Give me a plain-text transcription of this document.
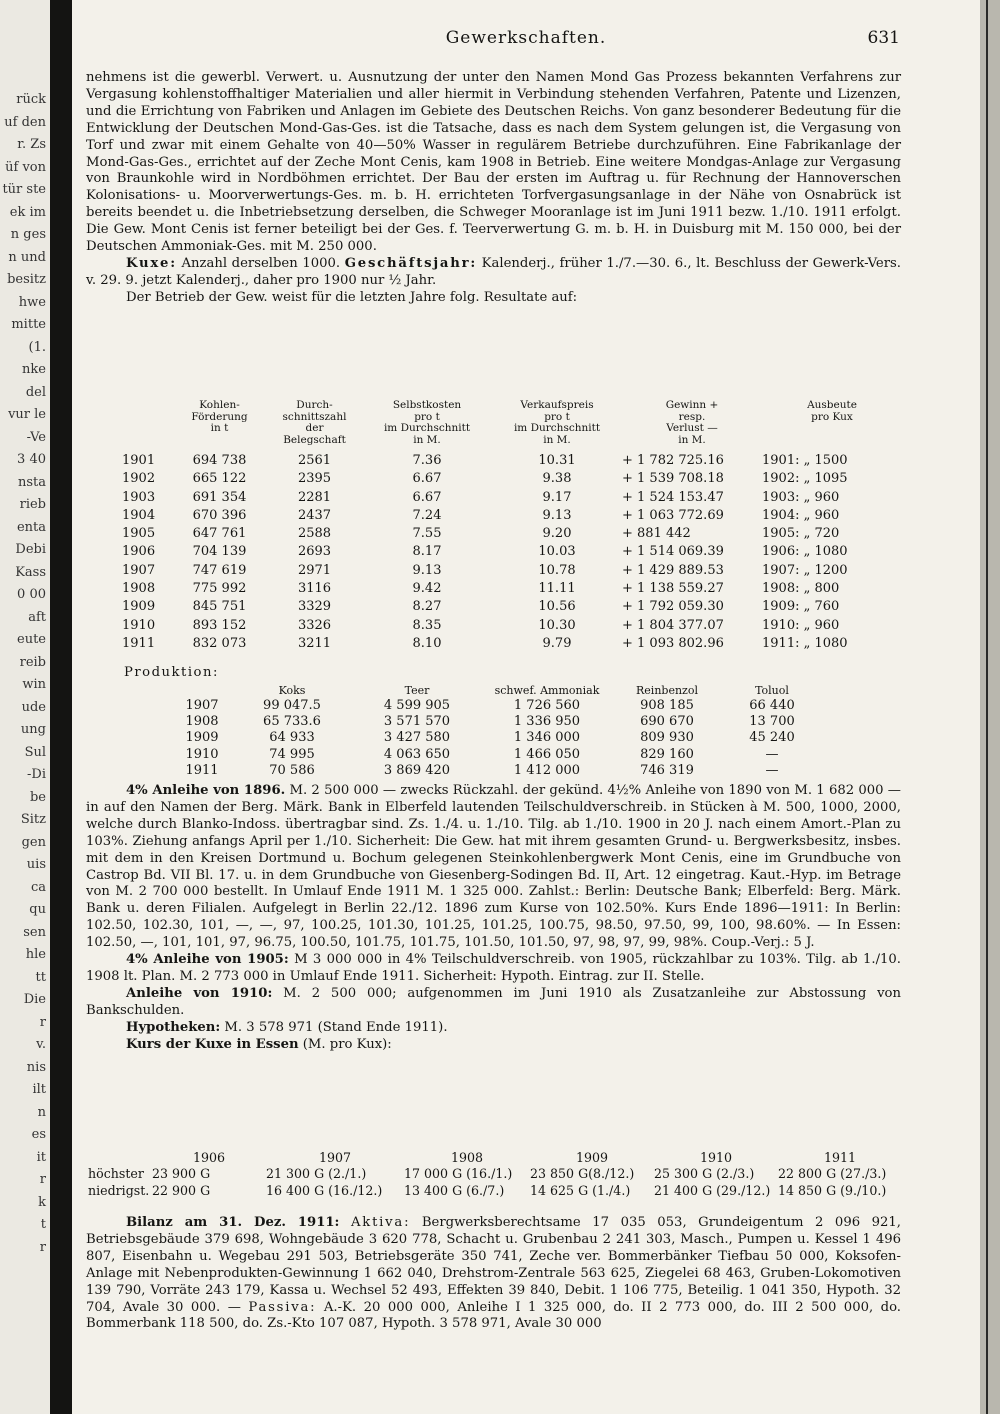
rück
uf den
r. Zs
üf von
tür ste
ek im
n ges
n und
besitz
hwe
mitte
(1.
nke
del
vur le
-Ve
3 40
nsta
rieb
enta
Debi
Kass
0 00
aft
eute
reib
win
ude
ung
Sul
-Di
be
Sitz
gen
uis
ca
qu
sen
hle
tt
Die
r
v.
nis
ilt
n
es
it
r
k
t
r
Gewerkschaften.	631

nehmens ist die gewerbl. Verwert. u. Ausnutzung der unter den Namen Mond Gas Prozess bekannten Verfahrens zur Vergasung kohlenstoffhaltiger Materialien und aller hiermit in Verbindung stehenden Verfahren, Patente und Lizenzen, und die Errichtung von Fabriken und Anlagen im Gebiete des Deutschen Reichs. Von ganz besonderer Bedeutung für die Entwicklung der Deutschen Mond-Gas-Ges. ist die Tatsache, dass es nach dem System gelungen ist, die Vergasung von Torf und zwar mit einem Gehalte von 40—50% Wasser in regulärem Betriebe durchzuführen. Eine Fabrikanlage der Mond-Gas-Ges., errichtet auf der Zeche Mont Cenis, kam 1908 in Betrieb. Eine weitere Mondgas-Anlage zur Vergasung von Braunkohle wird in Nordböhmen errichtet. Der Bau der ersten im Auftrag u. für Rechnung der Hannoverschen Kolonisations- u. Moorverwertungs-Ges. m. b. H. errichteten Torfvergasungsanlage in der Nähe von Osnabrück ist bereits beendet u. die Inbetriebsetzung derselben, die Schweger Mooranlage ist im Juni 1911 bezw. 1./10. 1911 erfolgt. Die Gew. Mont Cenis ist ferner beteiligt bei der Ges. f. Teerverwertung G. m. b. H. in Duisburg mit M. 150 000, bei der Deutschen Ammoniak-Ges. mit M. 250 000.

Kuxe: Anzahl derselben 1000. Geschäftsjahr: Kalenderj., früher 1./7.—30. 6., lt. Beschluss der Gewerk-Vers. v. 29. 9. jetzt Kalenderj., daher pro 1900 nur ½ Jahr.

Der Betrieb der Gew. weist für die letzten Jahre folg. Resultate auf:

	Kohlen-
Förderung
in t	Durch-
schnittszahl
der
Belegschaft	Selbstkosten
pro t
im Durchschnitt
in M.	Verkaufspreis
pro t
im Durchschnitt
in M.	Gewinn +
resp.
Verlust —
in M.	Ausbeute
pro Kux
1901	694 738	2561	7.36	10.31	+ 1 782 725.16	1901: „ 1500
1902	665 122	2395	6.67	9.38	+ 1 539 708.18	1902: „ 1095
1903	691 354	2281	6.67	9.17	+ 1 524 153.47	1903: „ 960
1904	670 396	2437	7.24	9.13	+ 1 063 772.69	1904: „ 960
1905	647 761	2588	7.55	9.20	+ 881 442	1905: „ 720
1906	704 139	2693	8.17	10.03	+ 1 514 069.39	1906: „ 1080
1907	747 619	2971	9.13	10.78	+ 1 429 889.53	1907: „ 1200
1908	775 992	3116	9.42	11.11	+ 1 138 559.27	1908: „ 800
1909	845 751	3329	8.27	10.56	+ 1 792 059.30	1909: „ 760
1910	893 152	3326	8.35	10.30	+ 1 804 377.07	1910: „ 960
1911	832 073	3211	8.10	9.79	+ 1 093 802.96	1911: „ 1080
Produktion:
	Koks	Teer	schwef. Ammoniak	Reinbenzol	Toluol
1907	99 047.5	4 599 905	1 726 560	908 185	66 440
1908	65 733.6	3 571 570	1 336 950	690 670	13 700
1909	64 933	3 427 580	1 346 000	809 930	45 240
1910	74 995	4 063 650	1 466 050	829 160	—
1911	70 586	3 869 420	1 412 000	746 319	—

4% Anleihe von 1896. M. 2 500 000 — zwecks Rückzahl. der gekünd. 4½% Anleihe von 1890 von M. 1 682 000 — in auf den Namen der Berg. Märk. Bank in Elberfeld lautenden Teilschuldverschreib. in Stücken à M. 500, 1000, 2000, welche durch Blanko-Indoss. übertragbar sind. Zs. 1./4. u. 1./10. Tilg. ab 1./10. 1900 in 20 J. nach einem Amort.-Plan zu 103%. Ziehung anfangs April per 1./10. Sicherheit: Die Gew. hat mit ihrem gesamten Grund- u. Bergwerksbesitz, insbes. mit dem in den Kreisen Dortmund u. Bochum gelegenen Steinkohlenbergwerk Mont Cenis, eine im Grundbuche von Castrop Bd. VII Bl. 17. u. in dem Grundbuche von Giesenberg-Sodingen Bd. II, Art. 12 eingetrag. Kaut.-Hyp. im Betrage von M. 2 700 000 bestellt. In Umlauf Ende 1911 M. 1 325 000. Zahlst.: Berlin: Deutsche Bank; Elberfeld: Berg. Märk. Bank u. deren Filialen. Aufgelegt in Berlin 22./12. 1896 zum Kurse von 102.50%. Kurs Ende 1896—1911: In Berlin: 102.50, 102.30, 101, —, —, 97, 100.25, 101.30, 101.25, 101.25, 100.75, 98.50, 97.50, 99, 100, 98.60%. — In Essen: 102.50, —, 101, 101, 97, 96.75, 100.50, 101.75, 101.75, 101.50, 101.50, 97, 98, 97, 99, 98%. Coup.-Verj.: 5 J.

4% Anleihe von 1905: M 3 000 000 in 4% Teilschuldverschreib. von 1905, rückzahlbar zu 103%. Tilg. ab 1./10. 1908 lt. Plan. M. 2 773 000 in Umlauf Ende 1911. Sicherheit: Hypoth. Eintrag. zur II. Stelle.

Anleihe von 1910: M. 2 500 000; aufgenommen im Juni 1910 als Zusatzanleihe zur Abstossung von Bankschulden.

Hypotheken: M. 3 578 971 (Stand Ende 1911).

Kurs der Kuxe in Essen (M. pro Kux):

	1906	1907	1908	1909	1910	1911
höchster	23 900 G	21 300 G (2./1.)	17 000 G (16./1.)	23 850 G(8./12.)	25 300 G (2./3.)	22 800 G (27./3.)
niedrigst.	22 900 G	16 400 G (16./12.)	13 400 G (6./7.)	14 625 G (1./4.)	21 400 G (29./12.)	14 850 G (9./10.)

Bilanz am 31. Dez. 1911: Aktiva: Bergwerksberechtsame 17 035 053, Grundeigentum 2 096 921, Betriebsgebäude 379 698, Wohngebäude 3 620 778, Schacht u. Grubenbau 2 241 303, Masch., Pumpen u. Kessel 1 496 807, Eisenbahn u. Wegebau 291 503, Betriebsgeräte 350 741, Zeche ver. Bommerbänker Tiefbau 50 000, Koksofen-Anlage mit Nebenprodukten-Gewinnung 1 662 040, Drehstrom-Zentrale 563 625, Ziegelei 68 463, Gruben-Lokomotiven 139 790, Vorräte 243 179, Kassa u. Wechsel 52 493, Effekten 39 840, Debit. 1 106 775, Beteilig. 1 041 350, Hypoth. 32 704, Avale 30 000. — Passiva: A.-K. 20 000 000, Anleihe I 1 325 000, do. II 2 773 000, do. III 2 500 000, do. Bommerbank 118 500, do. Zs.-Kto 107 087, Hypoth. 3 578 971, Avale 30 000
